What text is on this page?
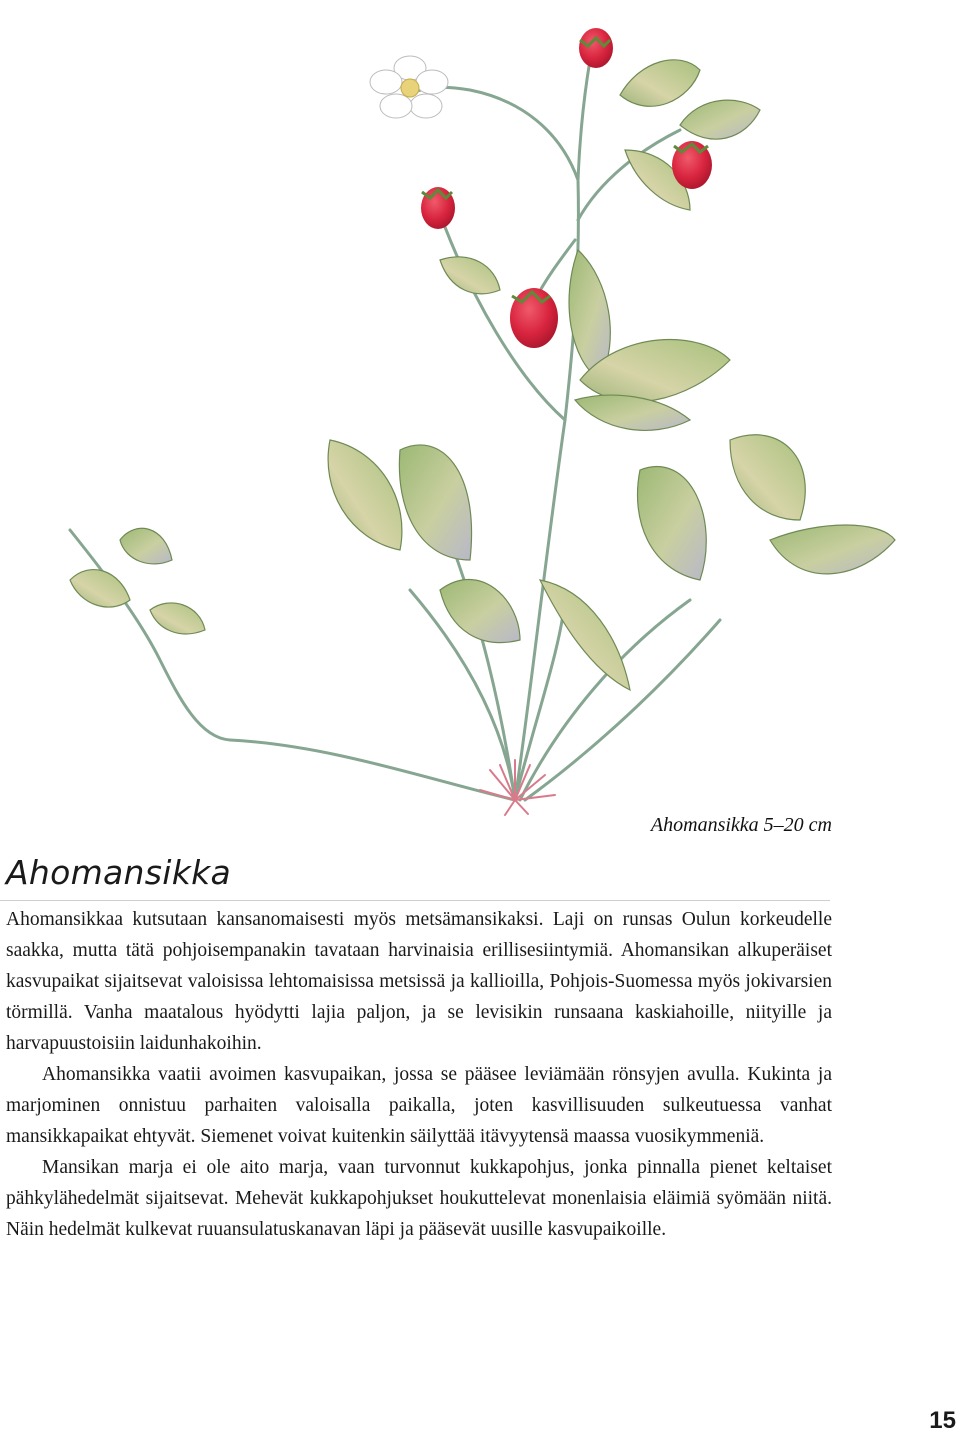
Ahomansikka 5–20 cm
Ahomansikka

Ahomansikkaa kutsutaan kansanomaisesti myös metsämansikaksi. Laji on runsas Oulun korkeudelle saakka, mutta tätä pohjoisempanakin tavataan harvinaisia erillisesiintymiä. Ahomansikan alkuperäiset kasvupaikat sijaitsevat valoisissa lehtomaisissa metsissä ja kallioilla, Pohjois-Suomessa myös jokivarsien törmillä. Vanha maatalous hyödytti lajia paljon, ja se levisikin runsaana kaskiahoille, niityille ja harvapuustoisiin laidunhakoihin.

Ahomansikka vaatii avoimen kasvupaikan, jossa se pääsee leviämään rönsyjen avulla. Kukinta ja marjominen onnistuu parhaiten valoisalla paikalla, joten kasvillisuuden sulkeutuessa vanhat mansikkapaikat ehtyvät. Siemenet voivat kuitenkin säilyttää itävyytensä maassa vuosikymmeniä.

Mansikan marja ei ole aito marja, vaan turvonnut kukkapohjus, jonka pinnalla pienet keltaiset pähkylähedelmät sijaitsevat. Mehevät kukkapohjukset houkuttelevat monenlaisia eläimiä syömään niitä. Näin hedelmät kulkevat ruuansulatuskanavan läpi ja pääsevät uusille kasvupaikoille.

15
